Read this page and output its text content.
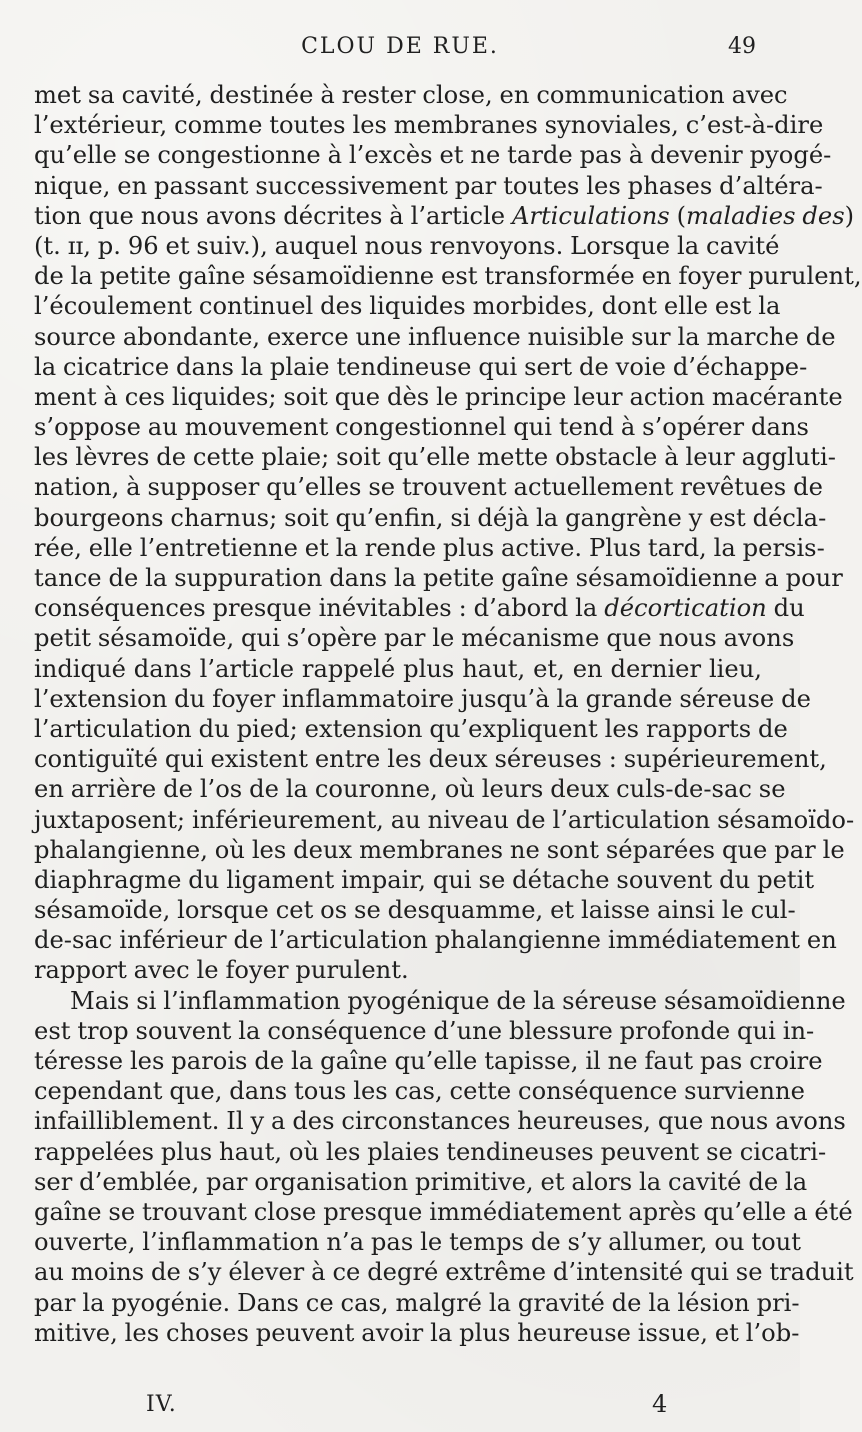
CLOU DE RUE.	49
met sa cavité, destinée à rester close, en communication avec
l’extérieur, comme toutes les membranes synoviales, c’est-à-dire
qu’elle se congestionne à l’excès et ne tarde pas à devenir pyogé-
nique, en passant successivement par toutes les phases d’altéra-
tion que nous avons décrites à l’article Articulations (maladies des)
(t. ɪɪ, p. 96 et suiv.), auquel nous renvoyons. Lorsque la cavité
de la petite gaîne sésamoïdienne est transformée en foyer purulent,
l’écoulement continuel des liquides morbides, dont elle est la
source abondante, exerce une influence nuisible sur la marche de
la cicatrice dans la plaie tendineuse qui sert de voie d’échappe-
ment à ces liquides; soit que dès le principe leur action macérante
s’oppose au mouvement congestionnel qui tend à s’opérer dans
les lèvres de cette plaie; soit qu’elle mette obstacle à leur aggluti-
nation, à supposer qu’elles se trouvent actuellement revêtues de
bourgeons charnus; soit qu’enfin, si déjà la gangrène y est décla-
rée, elle l’entretienne et la rende plus active. Plus tard, la persis-
tance de la suppuration dans la petite gaîne sésamoïdienne a pour
conséquences presque inévitables : d’abord la décortication du
petit sésamoïde, qui s’opère par le mécanisme que nous avons
indiqué dans l’article rappelé plus haut, et, en dernier lieu,
l’extension du foyer inflammatoire jusqu’à la grande séreuse de
l’articulation du pied; extension qu’expliquent les rapports de
contiguïté qui existent entre les deux séreuses : supérieurement,
en arrière de l’os de la couronne, où leurs deux culs-de-sac se
juxtaposent; inférieurement, au niveau de l’articulation sésamoïdo-
phalangienne, où les deux membranes ne sont séparées que par le
diaphragme du ligament impair, qui se détache souvent du petit
sésamoïde, lorsque cet os se desquamme, et laisse ainsi le cul-
de-sac inférieur de l’articulation phalangienne immédiatement en
rapport avec le foyer purulent.
Mais si l’inflammation pyogénique de la séreuse sésamoïdienne
est trop souvent la conséquence d’une blessure profonde qui in-
téresse les parois de la gaîne qu’elle tapisse, il ne faut pas croire
cependant que, dans tous les cas, cette conséquence survienne
infailliblement. Il y a des circonstances heureuses, que nous avons
rappelées plus haut, où les plaies tendineuses peuvent se cicatri-
ser d’emblée, par organisation primitive, et alors la cavité de la
gaîne se trouvant close presque immédiatement après qu’elle a été
ouverte, l’inflammation n’a pas le temps de s’y allumer, ou tout
au moins de s’y élever à ce degré extrême d’intensité qui se traduit
par la pyogénie. Dans ce cas, malgré la gravité de la lésion pri-
mitive, les choses peuvent avoir la plus heureuse issue, et l’ob-
IV.	4
